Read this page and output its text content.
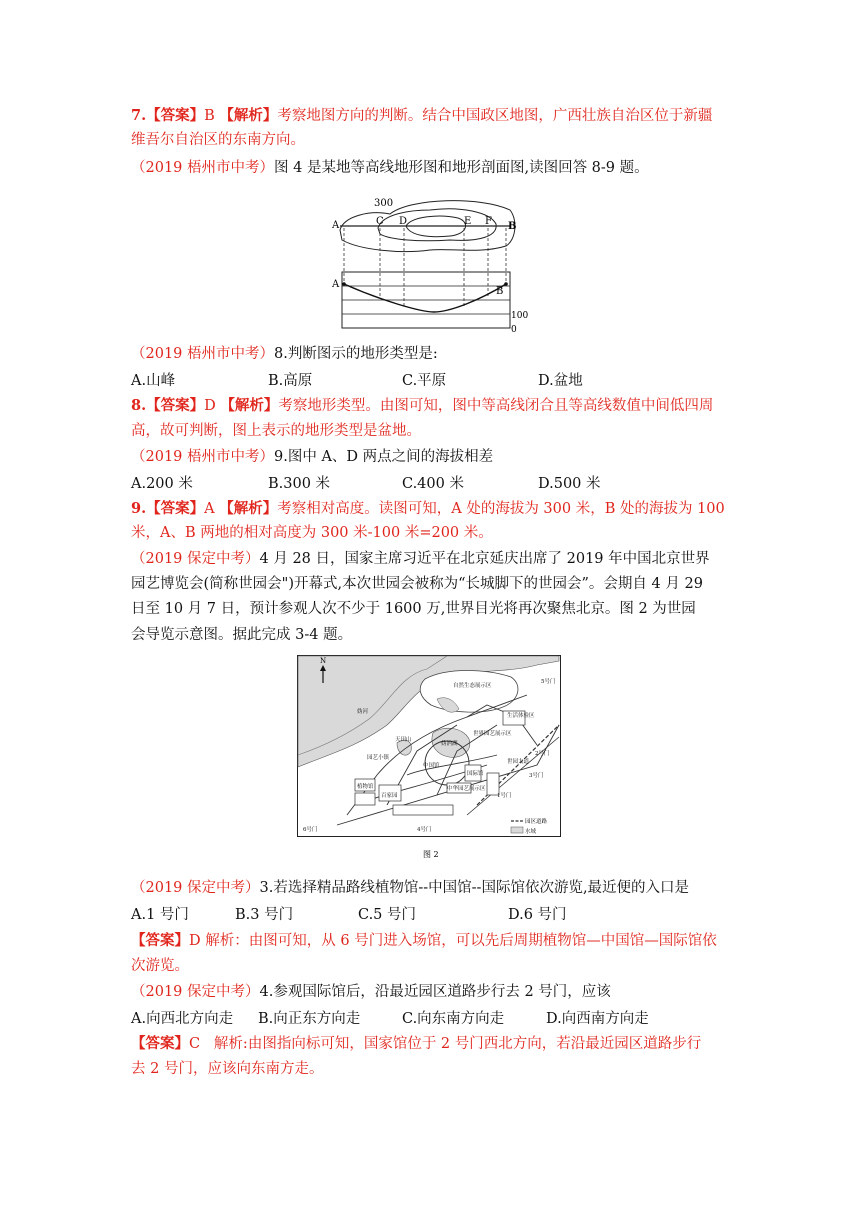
7.【答案】B 【解析】考察地图方向的判断。结合中国政区地图，广西壮族自治区位于新疆
维吾尔自治区的东南方向。
（2019 梧州市中考）图 4 是某地等高线地形图和地形剖面图,读图回答 8-9 题。
300
A	C D	E F B
A
B
100
0
（2019 梧州市中考）8.判断图示的地形类型是:
A.山峰	B.高原	C.平原	D.盆地
8.【答案】D 【解析】考察地形类型。由图可知，图中等高线闭合且等高线数值中间低四周
高，故可判断，图上表示的地形类型是盆地。
（2019 梧州市中考）9.图中 A、D 两点之间的海拔相差
A.200 米	B.300 米	C.400 米	D.500 米
9.【答案】A 【解析】考察相对高度。读图可知，A 处的海拔为 300 米，B 处的海拔为 100
米，A、B 两地的相对高度为 300 米-100 米=200 米。
（2019 保定中考）4 月 28 日，国家主席习近平在北京延庆出席了 2019 年中国北京世界
园艺博览会(简称世园会")开幕式,本次世园会被称为“长城脚下的世园会”。会期自 4 月 29
日至 10 月 7 日，预计参观人次不少于 1600 万,世界目光将再次聚焦北京。图 2 为世园
会导览示意图。据此完成 3-4 题。
N
自然生态展示区
生活体验区
妫河
世界园艺展示区
妫汭湖
园艺小镇
天田山
中国馆
国际馆
中华园艺展示区
植物馆
1号门
2号门
3号门
4号门
5号门
6号门
百家园
世园大道
园区道路
水域
图 2
（2019 保定中考）3.若选择精品路线植物馆--中国馆--国际馆依次游览,最近便的入口是
A.1 号门	B.3 号门	C.5 号门	D.6 号门
【答案】D 解析：由图可知，从 6 号门进入场馆，可以先后周期植物馆—中国馆—国际馆依
次游览。
（2019 保定中考）4.参观国际馆后，沿最近园区道路步行去 2 号门，应该
A.向西北方向走 B.向正东方向走	C.向东南方向走	D.向西南方向走
【答案】C   解析:由图指向标可知，国家馆位于 2 号门西北方向，若沿最近园区道路步行
去 2 号门，应该向东南方走。
